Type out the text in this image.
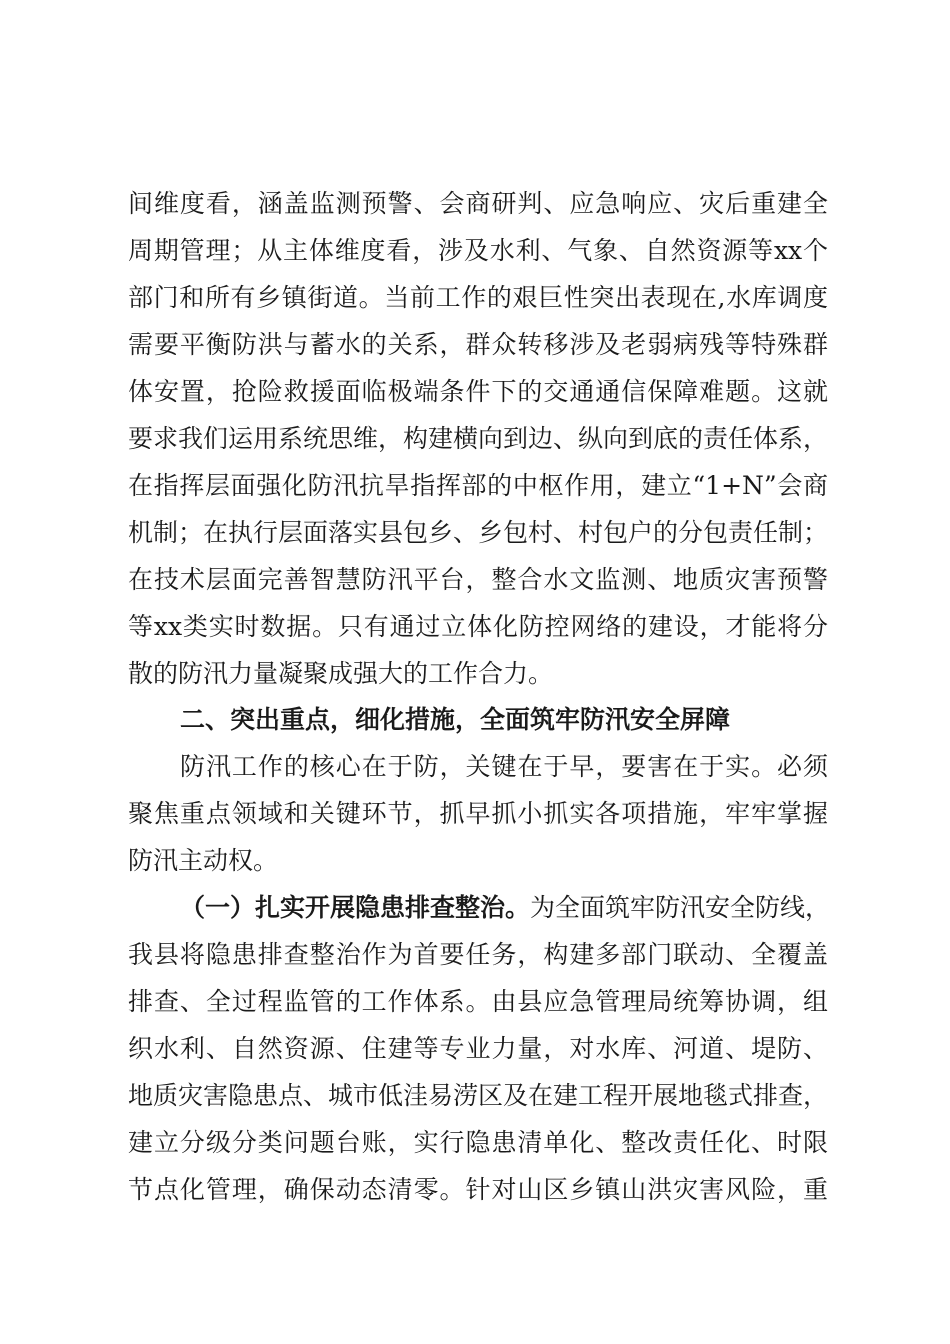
间维度看，涵盖监测预警、会商研判、应急响应、灾后重建全
周期管理；从主体维度看，涉及水利、气象、自然资源等xx个
部门和所有乡镇街道。当前工作的艰巨性突出表现在,水库调度
需要平衡防洪与蓄水的关系，群众转移涉及老弱病残等特殊群
体安置，抢险救援面临极端条件下的交通通信保障难题。这就
要求我们运用系统思维，构建横向到边、纵向到底的责任体系，
在指挥层面强化防汛抗旱指挥部的中枢作用，建立“1+N”会商
机制；在执行层面落实县包乡、乡包村、村包户的分包责任制；
在技术层面完善智慧防汛平台，整合水文监测、地质灾害预警
等xx类实时数据。只有通过立体化防控网络的建设，才能将分
散的防汛力量凝聚成强大的工作合力。
二、突出重点，细化措施，全面筑牢防汛安全屏障
防汛工作的核心在于防，关键在于早，要害在于实。必须
聚焦重点领域和关键环节，抓早抓小抓实各项措施，牢牢掌握
防汛主动权。
（一）扎实开展隐患排查整治。为全面筑牢防汛安全防线，
我县将隐患排查整治作为首要任务，构建多部门联动、全覆盖
排查、全过程监管的工作体系。由县应急管理局统筹协调，组
织水利、自然资源、住建等专业力量，对水库、河道、堤防、
地质灾害隐患点、城市低洼易涝区及在建工程开展地毯式排查，
建立分级分类问题台账，实行隐患清单化、整改责任化、时限
节点化管理，确保动态清零。针对山区乡镇山洪灾害风险，重
